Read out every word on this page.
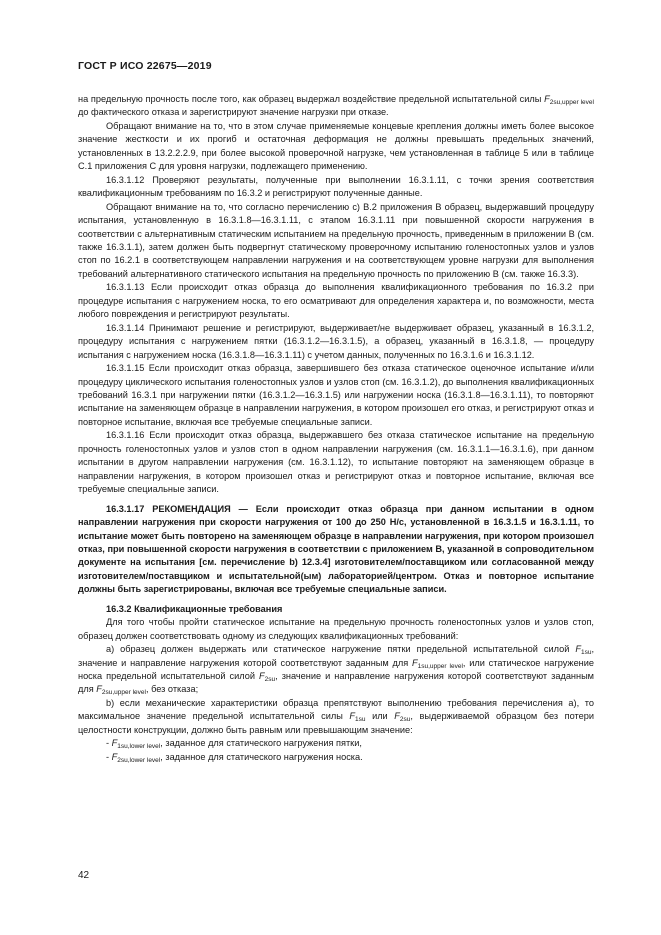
ГОСТ Р ИСО 22675—2019

на предельную прочность после того, как образец выдержал воздействие предельной испытательной силы $F_{2su,upper level}$ до фактического отказа и зарегистрируют значение нагрузки при отказе.

Обращают внимание на то, что в этом случае применяемые концевые крепления должны иметь более высокое значение жесткости и их прогиб и остаточная деформация не должны превышать предельных значений, установленных в 13.2.2.2.9, при более высокой проверочной нагрузке, чем установленная в таблице 5 или в таблице С.1 приложения С для уровня нагрузки, подлежащего применению.

16.3.1.12 Проверяют результаты, полученные при выполнении 16.3.1.11, с точки зрения соответствия квалификационным требованиям по 16.3.2 и регистрируют полученные данные.

Обращают внимание на то, что согласно перечислению с) В.2 приложения В образец, выдержавший процедуру испытания, установленную в 16.3.1.8—16.3.1.11, с этапом 16.3.1.11 при повышенной скорости нагружения в соответствии с альтернативным статическим испытанием на предельную прочность, приведенным в приложении В (см. также 16.3.1.1), затем должен быть подвергнут статическому проверочному испытанию голеностопных узлов и узлов стоп по 16.2.1 в соответствующем направлении нагружения и на соответствующем уровне нагрузки для выполнения требований альтернативного статического испытания на предельную прочность по приложению В (см. также 16.3.3).

16.3.1.13 Если происходит отказ образца до выполнения квалификационного требования по 16.3.2 при процедуре испытания с нагружением носка, то его осматривают для определения характера и, по возможности, места любого повреждения и регистрируют результаты.

16.3.1.14 Принимают решение и регистрируют, выдерживает/не выдерживает образец, указанный в 16.3.1.2, процедуру испытания с нагружением пятки (16.3.1.2—16.3.1.5), а образец, указанный в 16.3.1.8, — процедуру испытания с нагружением носка (16.3.1.8—16.3.1.11) с учетом данных, полученных по 16.3.1.6 и 16.3.1.12.

16.3.1.15 Если происходит отказ образца, завершившего без отказа статическое оценочное испытание и/или процедуру циклического испытания голеностопных узлов и узлов стоп (см. 16.3.1.2), до выполнения квалификационных требований 16.3.1 при нагружении пятки (16.3.1.2—16.3.1.5) или нагружении носка (16.3.1.8—16.3.1.11), то повторяют испытание на заменяющем образце в направлении нагружения, в котором произошел его отказ, и регистрируют отказ и повторное испытание, включая все требуемые специальные записи.

16.3.1.16 Если происходит отказ образца, выдержавшего без отказа статическое испытание на предельную прочность голеностопных узлов и узлов стоп в одном направлении нагружения (см. 16.3.1.1—16.3.1.6), при данном испытании в другом направлении нагружения (см. 16.3.1.12), то испытание повторяют на заменяющем образце в направлении нагружения, в котором произошел отказ и регистрируют отказ и повторное испытание, включая все требуемые специальные записи.

16.3.1.17 РЕКОМЕНДАЦИЯ — Если происходит отказ образца при данном испытании в одном направлении нагружения при скорости нагружения от 100 до 250 Н/с, установленной в 16.3.1.5 и 16.3.1.11, то испытание может быть повторено на заменяющем образце в направлении нагружения, при котором произошел отказ, при повышенной скорости нагружения в соответствии с приложением В, указанной в сопроводительном документе на испытания [см. перечисление b) 12.3.4] изготовителем/поставщиком или согласованной между изготовителем/поставщиком и испытательной(ым) лабораторией/центром. Отказ и повторное испытание должны быть зарегистрированы, включая все требуемые специальные записи.

16.3.2 Квалификационные требования

Для того чтобы пройти статическое испытание на предельную прочность голеностопных узлов и узлов стоп, образец должен соответствовать одному из следующих квалификационных требований:

а) образец должен выдержать или статическое нагружение пятки предельной испытательной силой $F_{1su}$, значение и направление нагружения которой соответствуют заданным для $F_{1su,upper level}$, или статическое нагружение носка предельной испытательной силой $F_{2su}$, значение и направление нагружения которой соответствуют заданным для $F_{2su,upper level}$, без отказа;

b) если механические характеристики образца препятствуют выполнению требования перечисления а), то максимальное значение предельной испытательной силы $F_{1su}$ или $F_{2su}$, выдерживаемой образцом без потери целостности конструкции, должно быть равным или превышающим значение:

- $F_{1su,lower level}$, заданное для статического нагружения пятки,

- $F_{2su,lower level}$, заданное для статического нагружения носка.

42
